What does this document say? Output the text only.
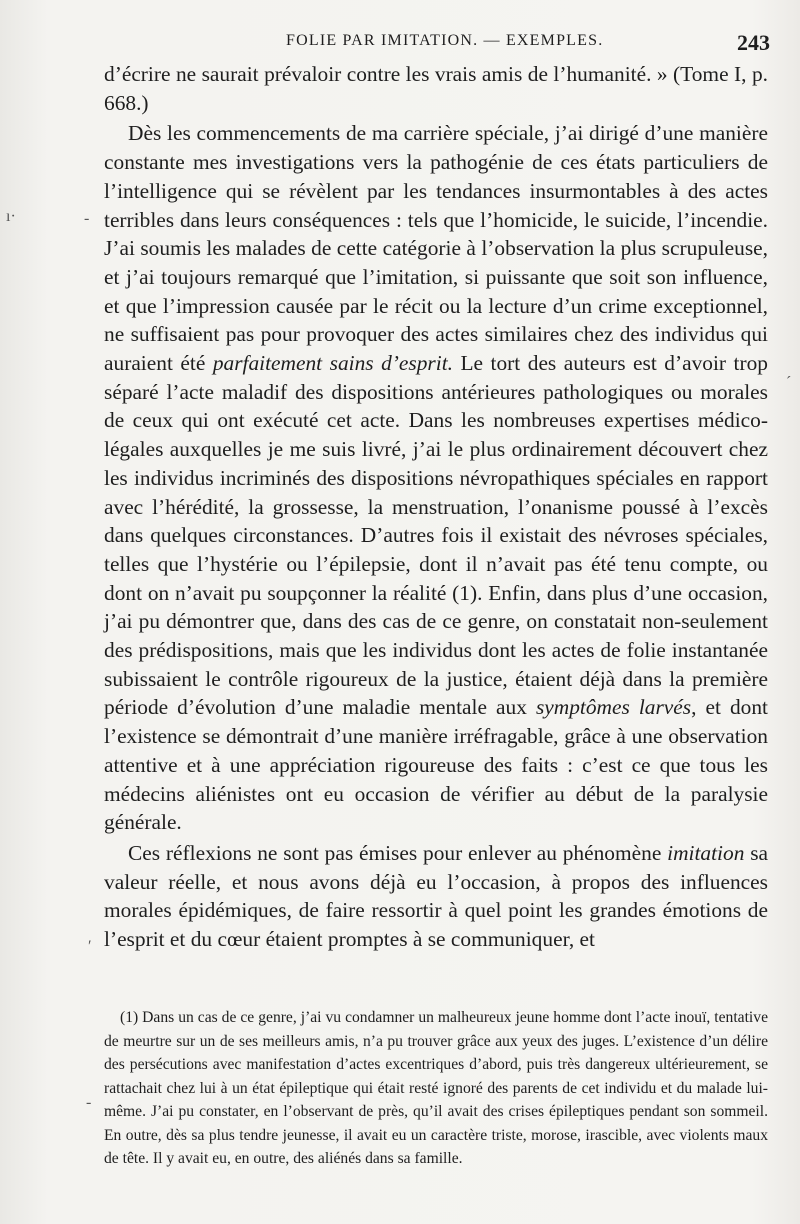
FOLIE PAR IMITATION. — EXEMPLES.	243

d’écrire ne saurait prévaloir contre les vrais amis de l’humanité. » (Tome I, p. 668.)

Dès les commencements de ma carrière spéciale, j’ai dirigé d’une manière constante mes investigations vers la pathogénie de ces états particuliers de l’intelligence qui se révèlent par les tendances insurmontables à des actes terribles dans leurs conséquences : tels que l’homicide, le suicide, l’incendie. J’ai soumis les malades de cette catégorie à l’observation la plus scrupuleuse, et j’ai toujours remarqué que l’imitation, si puissante que soit son influence, et que l’impression causée par le récit ou la lecture d’un crime exceptionnel, ne suffisaient pas pour provoquer des actes similaires chez des individus qui auraient été parfaitement sains d’esprit. Le tort des auteurs est d’avoir trop séparé l’acte maladif des dispositions antérieures pathologiques ou morales de ceux qui ont exécuté cet acte. Dans les nombreuses expertises médico-légales auxquelles je me suis livré, j’ai le plus ordinairement découvert chez les individus incriminés des dispositions névropathiques spéciales en rapport avec l’hérédité, la grossesse, la menstruation, l’onanisme poussé à l’excès dans quelques circonstances. D’autres fois il existait des névroses spéciales, telles que l’hystérie ou l’épilepsie, dont il n’avait pas été tenu compte, ou dont on n’avait pu soupçonner la réalité (1). Enfin, dans plus d’une occasion, j’ai pu démontrer que, dans des cas de ce genre, on constatait non-seulement des prédispositions, mais que les individus dont les actes de folie instantanée subissaient le contrôle rigoureux de la justice, étaient déjà dans la première période d’évolution d’une maladie mentale aux symptômes larvés, et dont l’existence se démontrait d’une manière irréfragable, grâce à une observation attentive et à une appréciation rigoureuse des faits : c’est ce que tous les médecins aliénistes ont eu occasion de vérifier au début de la paralysie générale.

Ces réflexions ne sont pas émises pour enlever au phénomène imitation sa valeur réelle, et nous avons déjà eu l’occasion, à propos des influences morales épidémiques, de faire ressortir à quel point les grandes émotions de l’esprit et du cœur étaient promptes à se communiquer, et

(1) Dans un cas de ce genre, j’ai vu condamner un malheureux jeune homme dont l’acte inouï, tentative de meurtre sur un de ses meilleurs amis, n’a pu trouver grâce aux yeux des juges. L’existence d’un délire des persécutions avec manifestation d’actes excentriques d’abord, puis très dangereux ultérieurement, se rattachait chez lui à un état épileptique qui était resté ignoré des parents de cet individu et du malade lui-même. J’ai pu constater, en l’observant de près, qu’il avait des crises épileptiques pendant son sommeil. En outre, dès sa plus tendre jeunesse, il avait eu un caractère triste, morose, irascible, avec violents maux de tête. Il y avait eu, en outre, des aliénés dans sa famille.

ı·	-
′
-
ˊ
